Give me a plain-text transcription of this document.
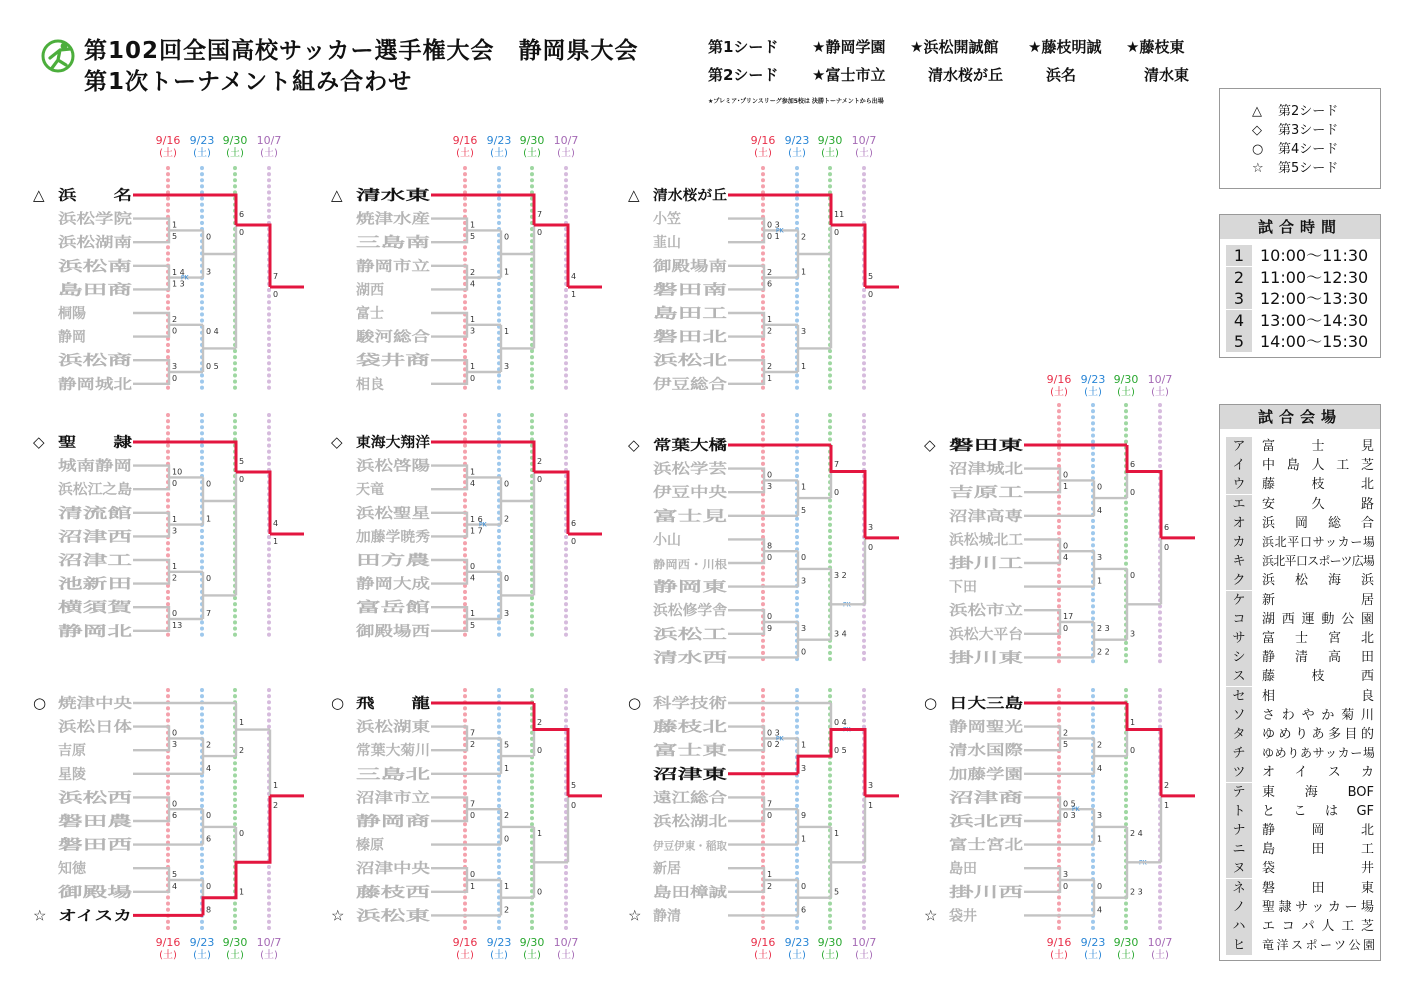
第102回全国高校サッカー選手権大会　静岡県大会
第1次トーナメント組み合わせ
第1シード ★静岡学園 ★浜松開誠館 ★藤枝明誠 ★藤枝東
第2シード ★富士市立	清水桜が丘	浜名	清水東
★プレミア･プリンスリーグ参加5校は 決勝トーナメントから出場
△ 第2シード
◇ 第3シード
○ 第4シード
☆ 第5シード
試合時間
1 10:00～11:30
2 11:00～12:30
3 12:00～13:30
4 13:00～14:30
5 14:00～15:30
試合会場
ア	富士見
イ	中島人工芝
ウ	藤枝北
エ	安久路
オ	浜岡総合
カ	浜北平口サッカー場
キ	浜北平口スポーツ広場
ク	浜松海浜
ケ	新居
コ	湖西運動公園
サ	富士宮北
シ	静清高田
ス	藤枝西
セ	相良
ソ	さわやか菊川
タ	ゆめりあ多目的
チ	ゆめりあサッカー場
ツ	オイスカ
テ	東海BOF
ト	とこはGF
ナ	静岡北
ニ	島田工
ヌ	袋井
ネ	磐田東
ノ	聖隷サッカー場
ハ	エコパ人工芝
ヒ	竜洋スポーツ公園
9/16
(土)
9/23
(土)
9/30
(土)
10/7
(土)
9/16
(土)
9/23
(土)
9/30
(土)
10/7
(土)
9/16
(土)
9/23
(土)
9/30
(土)
10/7
(土)
9/16
(土)
9/23
(土)
9/30
(土)
10/7
(土)
9/16
(土)
9/23
(土)
9/30
(土)
10/7
(土)
9/16
(土)
9/23
(土)
9/30
(土)
10/7
(土)
9/16
(土)
9/23
(土)
9/30
(土)
10/7
(土)
9/16
(土)
9/23
(土)
9/30
(土)
10/7
(土)
△ 浜　　名
浜松学院
浜松湖南
浜松南
島田商
桐陽
静岡
浜松商
静岡城北
1
5
1 4
1 3
PK
2
0
3
0
0
3
0 4
0 5
6
0
7
0
△ 清水東
焼津水産
三島南
静岡市立
湖西
富士
駿河総合
袋井商
相良
1
5
2
4
1
3
1
0
0
1
1
3
7
0
4
1
△ 清水桜が丘
小笠
韮山
御殿場南
磐田南
島田工
磐田北
浜松北
伊豆総合
0 3
0 1
PK
2
6
1
2
2
1
2
1
3
1
11
0
5
0
◇ 聖　　隷
城南静岡
浜松江之島
清流館
沼津西
沼津工
池新田
横須賀
静岡北
10
0
1
3
1
2
0
13
0
1
0
7
5
0
4
1
◇ 東海大翔洋
浜松啓陽
天竜
浜松聖星
加藤学暁秀
田方農
静岡大成
富岳館
御殿場西
1
4
1 6
1 7
PK
0
4
1
5
0
2
0
3
2
0
6
0
◇ 常葉大橘
浜松学芸
伊豆中央
富士見
小山
静岡西・川根
静岡東
浜松修学舎
浜松工
清水西
0
3
8
0
0
9
1
5
0
3
3
0
7
0
3 2
3 4
PK
3
0
◇ 磐田東
沼津城北
吉原工
沼津高専
浜松城北工
掛川工
下田
浜松市立
浜松大平台
掛川東
0
1
0
4
17
0
0
4
3
1
2 3
2 2
6
0
0
3
6
0
○ 焼津中央
浜松日体
吉原
星陵
浜松西
磐田農
磐田西
知徳
御殿場
☆ オイスカ
0
3
0
6
5
4
2
4
0
6
0
8
1
2
0
1
1
2
○ 飛　　龍
浜松湖東
常葉大菊川
三島北
沼津市立
静岡商
榛原
沼津中央
藤枝西
☆ 浜松東
7
2
7
0
0
1
5
1
2
0
1
2
2
0
1
0
5
0
○ 科学技術
藤枝北
富士東
沼津東
遠江総合
浜松湖北
伊豆伊東・稲取
新居
島田樟誠
☆ 静清
0 3
0 2
PK
7
0
1
2
1
3
9
1
0
6
0 4
0 5
1
5
PK
3
1
○ 日大三島
静岡聖光
清水国際
加藤学園
沼津商
浜北西
富士宮北
島田
掛川西
☆ 袋井
2
5
0 5
0 3
PK
3
0
2
4
3
1
0
4
1
0
2 4
2 3
PK
2
1
